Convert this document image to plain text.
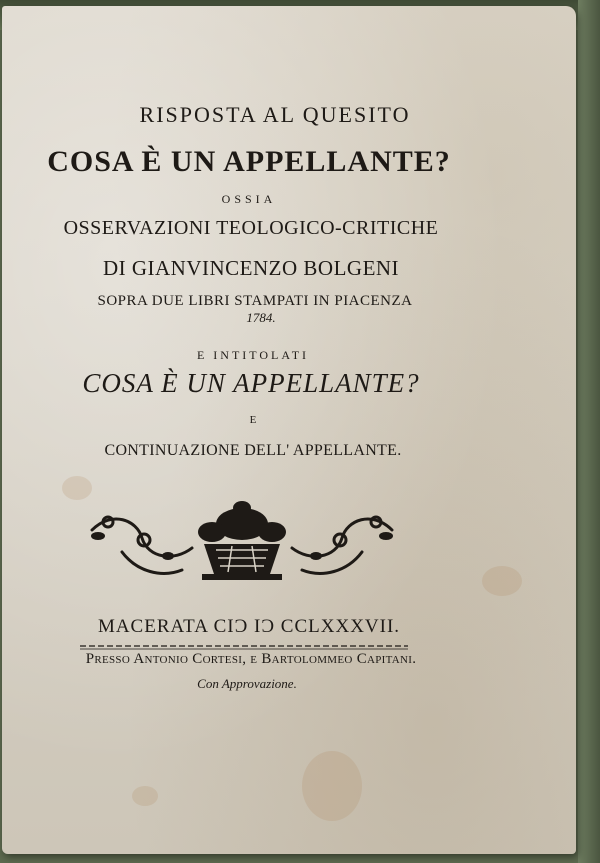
RISPOSTA AL QUESITO
COSA È UN APPELLANTE?
OSSIA
OSSERVAZIONI TEOLOGICO-CRITICHE
DI GIANVINCENZO BOLGENI
SOPRA DUE LIBRI STAMPATI IN PIACENZA
1784.
E INTITOLATI
COSA È UN APPELLANTE?
E
CONTINUAZIONE DELL' APPELLANTE.
MACERATA CIƆ IƆ CCLXXXVII.
Presso Antonio Cortesi, e Bartolommeo Capitani.
Con Approvazione.
